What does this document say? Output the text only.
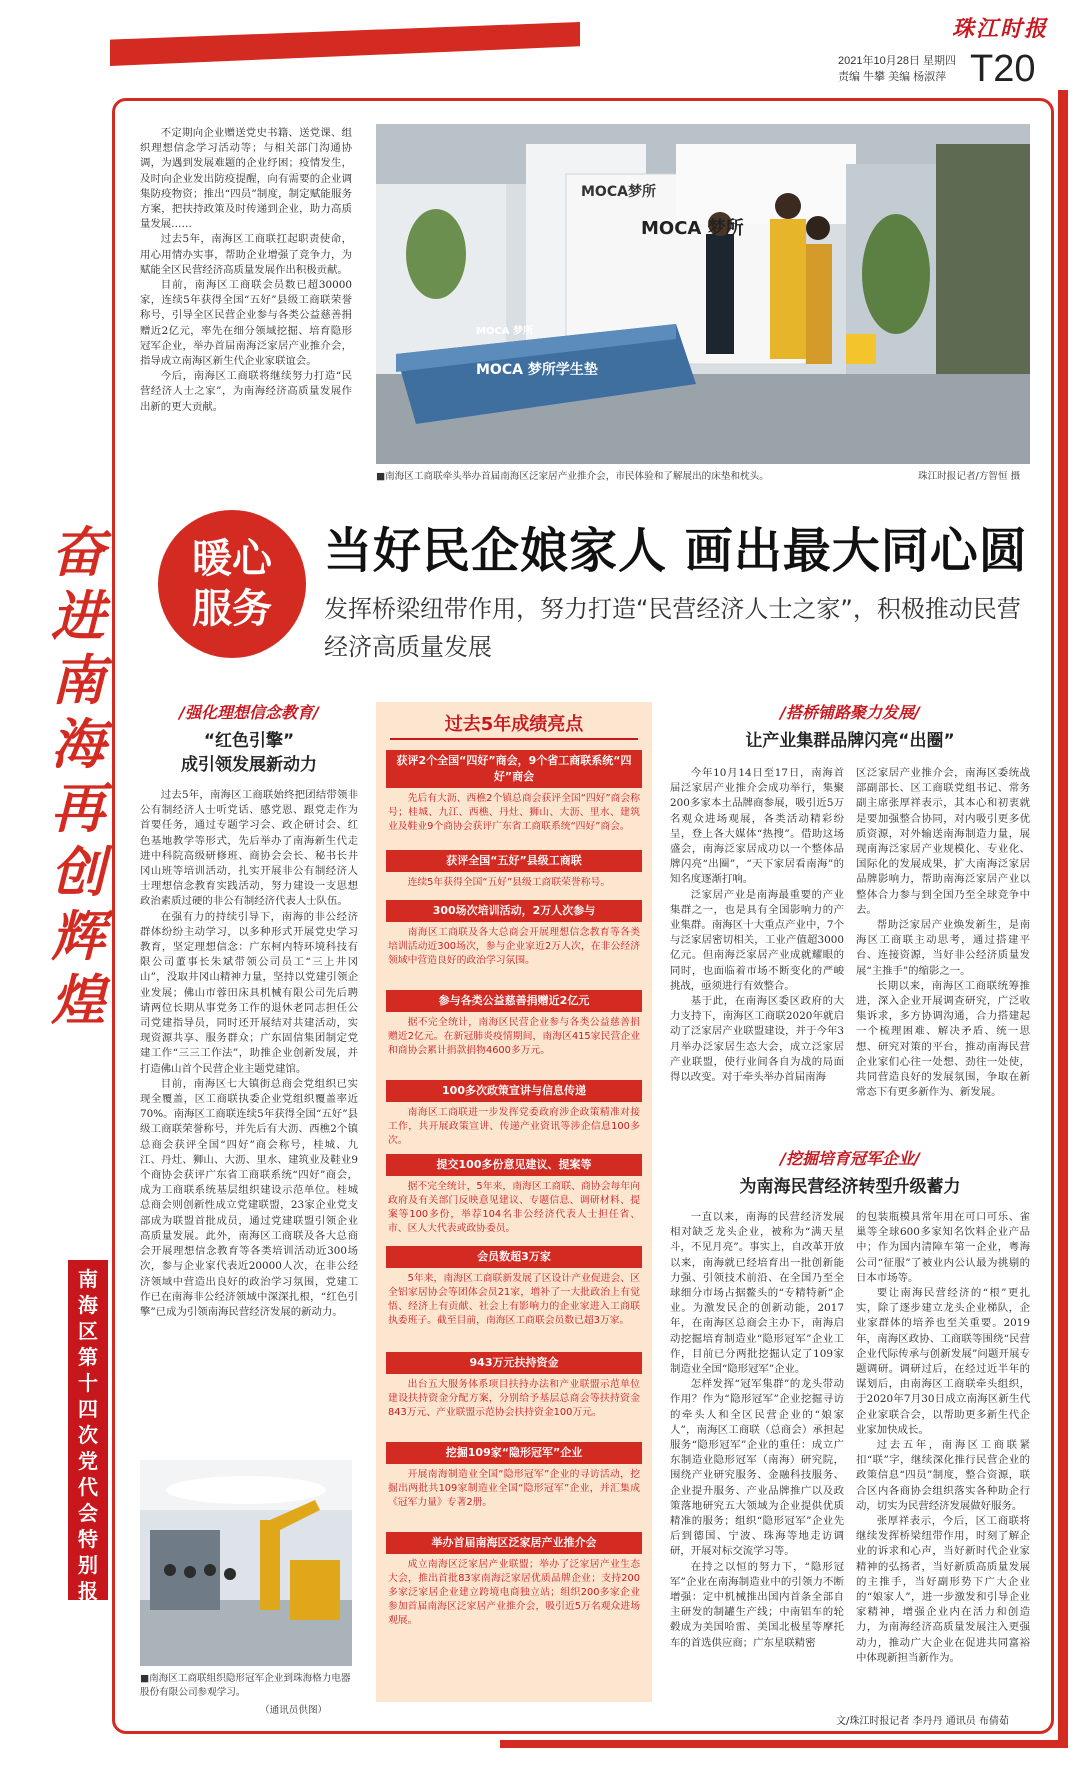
珠江时报
2021年10月28日 星期四
责编 牛攀 美编 杨淑萍 T20
奋
进
南
海
再
创
辉
煌
南
海
区
第
十
四
次
党
代
会
特
别
报
道

不定期向企业赠送党史书籍、送党课、组织理想信念学习活动等；与相关部门沟通协调，为遇到发展难题的企业纾困；疫情发生，及时向企业发出防疫提醒，向有需要的企业调集防疫物资；推出“四员”制度，制定赋能服务方案，把扶持政策及时传递到企业，助力高质量发展……

过去5年，南海区工商联扛起职责使命，用心用情办实事，帮助企业增强了竞争力，为赋能全区民营经济高质量发展作出积极贡献。

目前，南海区工商联会员数已超30000家，连续5年获得全国“五好”县级工商联荣誉称号，引导全区民营企业参与各类公益慈善捐赠近2亿元，率先在细分领域挖掘、培育隐形冠军企业，举办首届南海泛家居产业推介会，指导成立南海区新生代企业家联谊会。

今后，南海区工商联将继续努力打造“民营经济人士之家”，为南海经济高质量发展作出新的更大贡献。

MOCA梦所
MOCA 梦所
MOCA 梦所
MOCA 梦所学生垫
■南海区工商联牵头举办首届南海区泛家居产业推介会，市民体验和了解展出的床垫和枕头。	珠江时报记者/方智恒 摄
暖心
服务
当好民企娘家人 画出最大同心圆
发挥桥梁纽带作用，努力打造“民营经济人士之家”，积极推动民营经济高质量发展
/强化理想信念教育/
“红色引擎”
成引领发展新动力

过去5年，南海区工商联始终把团结带领非公有制经济人士听党话、感党恩、跟党走作为首要任务，通过专题学习会、政企研讨会、红色基地教学等形式，先后举办了南海新生代走进中科院高级研修班、商协会会长、秘书长井冈山班等培训活动，扎实开展非公有制经济人士理想信念教育实践活动，努力建设一支思想政治素质过硬的非公有制经济代表人士队伍。

在强有力的持续引导下，南海的非公经济群体纷纷主动学习，以多种形式开展党史学习教育，坚定理想信念：广东柯内特环境科技有限公司董事长朱斌带领公司员工“三上井冈山”，没取井冈山精神力量，坚持以党建引领企业发展；佛山市蓉田床具机械有限公司先后聘请两位长期从事党务工作的退休老同志担任公司党建指导员，同时还开展结对共建活动，实现资源共享、服务群众；广东固信集团制定党建工作“三三工作法”，助推企业创新发展，并打造佛山首个民营企业主题党建馆。

目前，南海区七大镇街总商会党组织已实现全覆盖，区工商联执委企业党组织覆盖率近70%。南海区工商联连续5年获得全国“五好”县级工商联荣誉称号，并先后有大沥、西樵2个镇总商会获评全国“四好”商会称号，桂城、九江、丹灶、狮山、大沥、里水、建筑业及鞋业9个商协会获评广东省工商联系统“四好”商会，成为工商联系统基层组织建设示范单位。桂城总商会则创新性成立党建联盟，23家企业党支部成为联盟首批成员，通过党建联盟引领企业高质量发展。此外，南海区工商联及各大总商会开展理想信念教育等各类培训活动近300场次，参与企业家代表近20000人次，在非公经济领域中营造出良好的政治学习氛围，党建工作已在南海非公经济领域中深深扎根，“红色引擎”已成为引领南海民营经济发展的新动力。

■南海区工商联组织隐形冠军企业到珠海格力电器股份有限公司参观学习。
（通讯员供图）
过去5年成绩亮点
获评2个全国“四好”商会，9个省工商联系统“四好”商会
先后有大沥、西樵2个镇总商会获评全国“四好”商会称号；桂城、九江、西樵、丹灶、狮山、大沥、里水、建筑业及鞋业9个商协会获评广东省工商联系统“四好”商会。
获评全国“五好”县级工商联
连续5年获得全国“五好”县级工商联荣誉称号。
300场次培训活动，2万人次参与
南海区工商联及各大总商会开展理想信念教育等各类培训活动近300场次，参与企业家近2万人次，在非公经济领域中营造良好的政治学习氛围。
参与各类公益慈善捐赠近2亿元
据不完全统计，南海区民营企业参与各类公益慈善捐赠近2亿元。在新冠肺炎疫情期间，南海区415家民营企业和商协会累计捐款捐物4600多万元。
100多次政策宣讲与信息传递
南海区工商联进一步发挥党委政府涉企政策精准对接工作，共开展政策宣讲、传递产业资讯等涉企信息100多次。
提交100多份意见建议、提案等
据不完全统计，5年来，南海区工商联、商协会每年向政府及有关部门反映意见建议、专题信息、调研材料、提案等100多份，举荐104名非公经济代表人士担任省、市、区人大代表或政协委员。
会员数超3万家
5年来，南海区工商联新发展了区设计产业促进会、区全铝家居协会等团体会员21家，增补了一大批政治上有觉悟、经济上有贡献、社会上有影响力的企业家进入工商联执委班子。截至目前，南海区工商联会员数已超3万家。
943万元扶持资金
出台五大服务体系项目扶持办法和产业联盟示范单位建设扶持资金分配方案，分别给予基层总商会等扶持资金843万元、产业联盟示范协会扶持资金100万元。
挖掘109家“隐形冠军”企业
开展南海制造业全国“隐形冠军”企业的寻访活动，挖掘出两批共109家制造业全国“隐形冠军”企业，并汇集成《冠军力量》专著2册。
举办首届南海区泛家居产业推介会
成立南海区泛家居产业联盟；举办了泛家居产业生态大会，推出首批83家南海泛家居优质品牌企业；支持200多家泛家居企业建立跨境电商独立站；组织200多家企业参加首届南海区泛家居产业推介会，吸引近5万名观众进场观展。
/搭桥铺路聚力发展/
让产业集群品牌闪亮“出圈”

今年10月14日至17日，南海首届泛家居产业推介会成功举行，集聚200多家本土品牌商参展，吸引近5万名观众进场观展，各类活动精彩纷呈，登上各大媒体“热搜”。借助这场盛会，南海泛家居成功以一个整体品牌闪亮“出圈”，“天下家居看南海”的知名度逐渐打响。

泛家居产业是南海最重要的产业集群之一，也是具有全国影响力的产业集群。南海区十大重点产业中，7个与泛家居密切相关，工业产值超3000亿元。但南海泛家居产业成就耀眼的同时，也面临着市场不断变化的严峻挑战，亟须进行有效整合。

基于此，在南海区委区政府的大力支持下，南海区工商联2020年就启动了泛家居产业联盟建设，并于今年3月举办泛家居生态大会，成立泛家居产业联盟，使行业间各自为战的局面得以改变。对于牵头举办首届南海

区泛家居产业推介会，南海区委统战部副部长、区工商联党组书记、常务副主席张厚祥表示，其本心和初衷就是要加强整合协同，对内吸引更多优质资源，对外输送南海制造力量，展现南海泛家居产业规模化、专业化、国际化的发展成果，扩大南海泛家居品牌影响力，帮助南海泛家居产业以整体合力参与到全国乃至全球竞争中去。

帮助泛家居产业焕发新生，是南海区工商联主动思考，通过搭建平台、连接资源，当好非公经济质量发展“主推手”的缩影之一。

长期以来，南海区工商联统筹推进，深入企业开展调查研究，广泛收集诉求，多方协调沟通，合力搭建起一个梳理困难、解决矛盾、统一思想、研究对策的平台，推动南海民营企业家们心往一处想、劲往一处使，共同营造良好的发展氛围，争取在新常态下有更多新作为、新发展。

/挖掘培育冠军企业/
为南海民营经济转型升级蓄力

一直以来，南海的民营经济发展相对缺乏龙头企业，被称为“满天星斗，不见月亮”。事实上，自改革开放以来，南海就已经培育出一批创新能力强、引领技术前沿、在全国乃至全球细分市场占据鳌头的“专精特新”企业。为激发民企的创新动能，2017年，在南海区总商会主办下，南海启动挖掘培育制造业“隐形冠军”企业工作，目前已分两批挖掘认定了109家制造业全国“隐形冠军”企业。

怎样发挥“冠军集群”的龙头带动作用？作为“隐形冠军”企业挖掘寻访的牵头人和全区民营企业的“娘家人”，南海区工商联（总商会）承担起服务“隐形冠军”企业的重任：成立广东制造业隐形冠军（南海）研究院，围绕产业研究服务、金融科技服务、企业提升服务、产业品牌推广以及政策落地研究五大领域为企业提供优质精准的服务；组织“隐形冠军”企业先后到德国、宁波、珠海等地走访调研，开展对标交流学习等。

在持之以恒的努力下，“隐形冠军”企业在南海制造业中的引领力不断增强：定中机械推出国内首条全部自主研发的制罐生产线；中南铝车的轮毂成为美国哈雷、美国北极星等摩托车的首选供应商；广东星联精密

的包装瓶模具常年用在可口可乐、雀巢等全球600多家知名饮料企业产品中；作为国内清障车第一企业，粤海公司“征服”了被业内公认最为挑剔的日本市场等。

要让南海民营经济的“根”更扎实，除了逐步建立龙头企业梯队，企业家群体的培养也至关重要。2019年，南海区政协、工商联等围绕“民营企业代际传承与创新发展”问题开展专题调研。调研过后，在经过近半年的谋划后，由南海区工商联牵头组织，于2020年7月30日成立南海区新生代企业家联合会，以帮助更多新生代企业家加快成长。

过去五年，南海区工商联紧扣“联”字，继续深化推行民营企业的政策信息“四员”制度，整合资源，联合区内各商协会组织落实各种助企行动，切实为民营经济发展做好服务。

张厚祥表示，今后，区工商联将继续发挥桥梁纽带作用，时刻了解企业的诉求和心声，当好新时代企业家精神的弘扬者，当好新质高质量发展的主推手，当好副形势下广大企业的“娘家人”，进一步激发和引导企业家精神，增强企业内在活力和创造力，为南海经济高质量发展注入更强动力，推动广大企业在促进共同富裕中体现新担当新作为。

文/珠江时报记者 李丹丹 通讯员 布倩茹
